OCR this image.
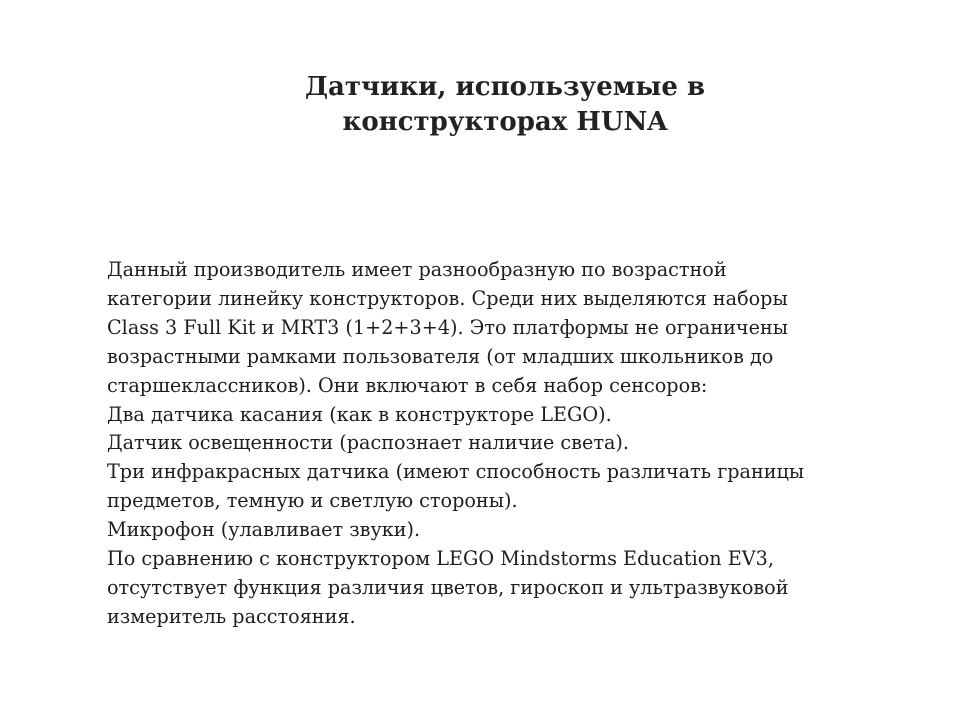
Датчики, используемые в
конструкторах HUNA
Данный производитель имеет разнообразную по возрастной
категории линейку конструкторов. Среди них выделяются наборы
Class 3 Full Kit и MRT3 (1+2+3+4). Это платформы не ограничены
возрастными рамками пользователя (от младших школьников до
старшеклассников). Они включают в себя набор сенсоров:
Два датчика касания (как в конструкторе LEGO).
Датчик освещенности (распознает наличие света).
Три инфракрасных датчика (имеют способность различать границы
предметов, темную и светлую стороны).
Микрофон (улавливает звуки).
По сравнению с конструктором LEGO Mindstorms Education EV3,
отсутствует функция различия цветов, гироскоп и ультразвуковой
измеритель расстояния.
